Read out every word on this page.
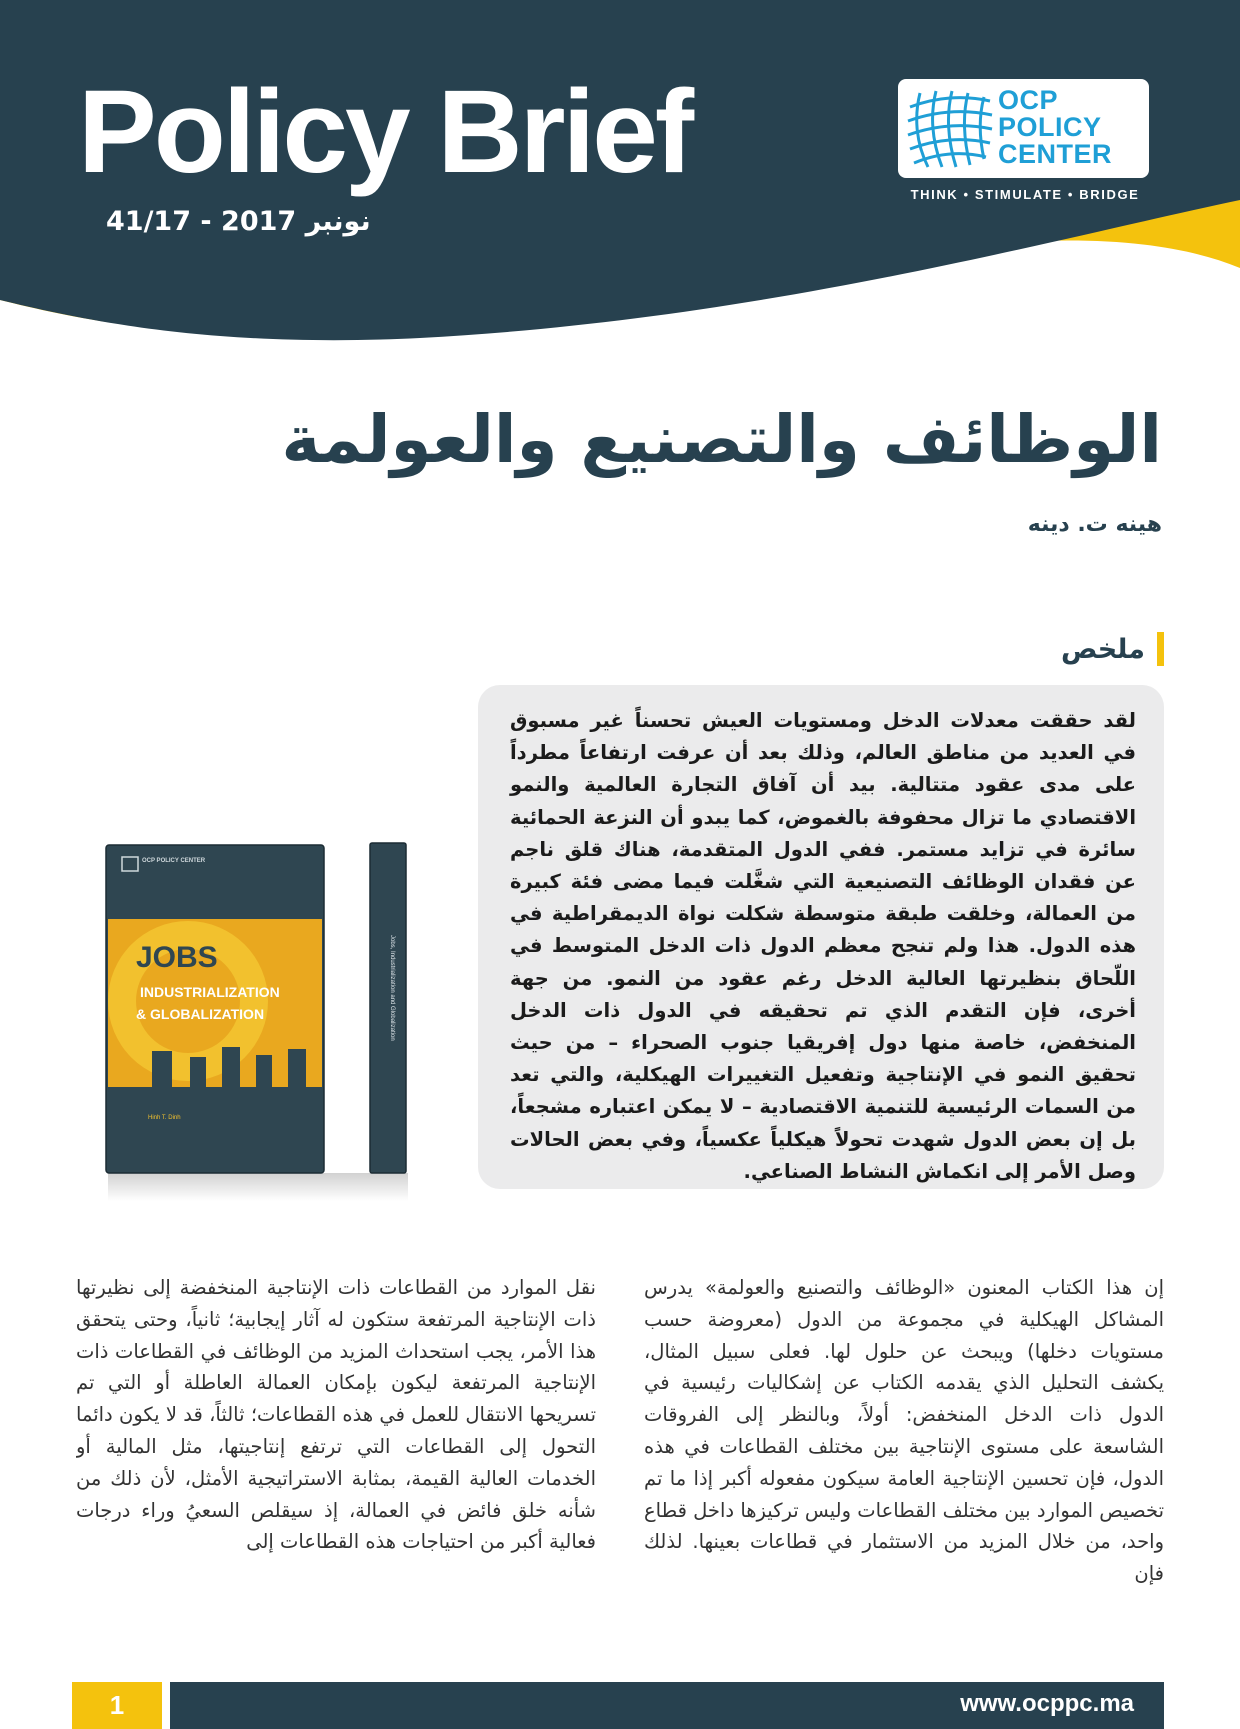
Policy Brief
نونبر 2017 - 41/17
OCP
POLICY
CENTER
THINK • STIMULATE • BRIDGE
الوظائف والتصنيع والعولمة
هينه ت. دينه
ملخص

لقد حققت معدلات الدخل ومستويات العيش تحسناً غير مسبوق في العديد من مناطق العالم، وذلك بعد أن عرفت ارتفاعاً مطرداً على مدى عقود متتالية. بيد أن آفاق التجارة العالمية والنمو الاقتصادي ما تزال محفوفة بالغموض، كما يبدو أن النزعة الحمائية سائرة في تزايد مستمر. ففي الدول المتقدمة، هناك قلق ناجم عن فقدان الوظائف التصنيعية التي شغَّلت فيما مضى فئة كبيرة من العمالة، وخلقت طبقة متوسطة شكلت نواة الديمقراطية في هذه الدول. هذا ولم تنجح معظم الدول ذات الدخل المتوسط في اللّحاق بنظيرتها العالية الدخل رغم عقود من النمو. من جهة أخرى، فإن التقدم الذي تم تحقيقه في الدول ذات الدخل المنخفض، خاصة منها دول إفريقيا جنوب الصحراء – من حيث تحقيق النمو في الإنتاجية وتفعيل التغييرات الهيكلية، والتي تعد من السمات الرئيسية للتنمية الاقتصادية – لا يمكن اعتباره مشجعاً، بل إن بعض الدول شهدت تحولاً هيكلياً عكسياً، وفي بعض الحالات وصل الأمر إلى انكماش النشاط الصناعي.

OCP POLICY CENTER
JOBS
INDUSTRIALIZATION
& GLOBALIZATION
Hinh T. Dinh
Jobs, Industrialization and Globalization
إن هذا الكتاب المعنون «الوظائف والتصنيع والعولمة» يدرس المشاكل الهيكلية في مجموعة من الدول (معروضة حسب مستويات دخلها) ويبحث عن حلول لها. فعلى سبيل المثال، يكشف التحليل الذي يقدمه الكتاب عن إشكاليات رئيسية في الدول ذات الدخل المنخفض: أولاً، وبالنظر إلى الفروقات الشاسعة على مستوى الإنتاجية بين مختلف القطاعات في هذه الدول، فإن تحسين الإنتاجية العامة سيكون مفعوله أكبر إذا ما تم تخصيص الموارد بين مختلف القطاعات وليس تركيزها داخل قطاع واحد، من خلال المزيد من الاستثمار في قطاعات بعينها. لذلك فإن
نقل الموارد من القطاعات ذات الإنتاجية المنخفضة إلى نظيرتها ذات الإنتاجية المرتفعة ستكون له آثار إيجابية؛ ثانياً، وحتى يتحقق هذا الأمر، يجب استحداث المزيد من الوظائف في القطاعات ذات الإنتاجية المرتفعة ليكون بإمكان العمالة العاطلة أو التي تم تسريحها الانتقال للعمل في هذه القطاعات؛ ثالثاً، قد لا يكون دائما التحول إلى القطاعات التي ترتفع إنتاجيتها، مثل المالية أو الخدمات العالية القيمة، بمثابة الاستراتيجية الأمثل، لأن ذلك من شأنه خلق فائض في العمالة، إذ سيقلص السعيُ وراء درجات فعالية أكبر من احتياجات هذه القطاعات إلى
1	www.ocppc.ma
